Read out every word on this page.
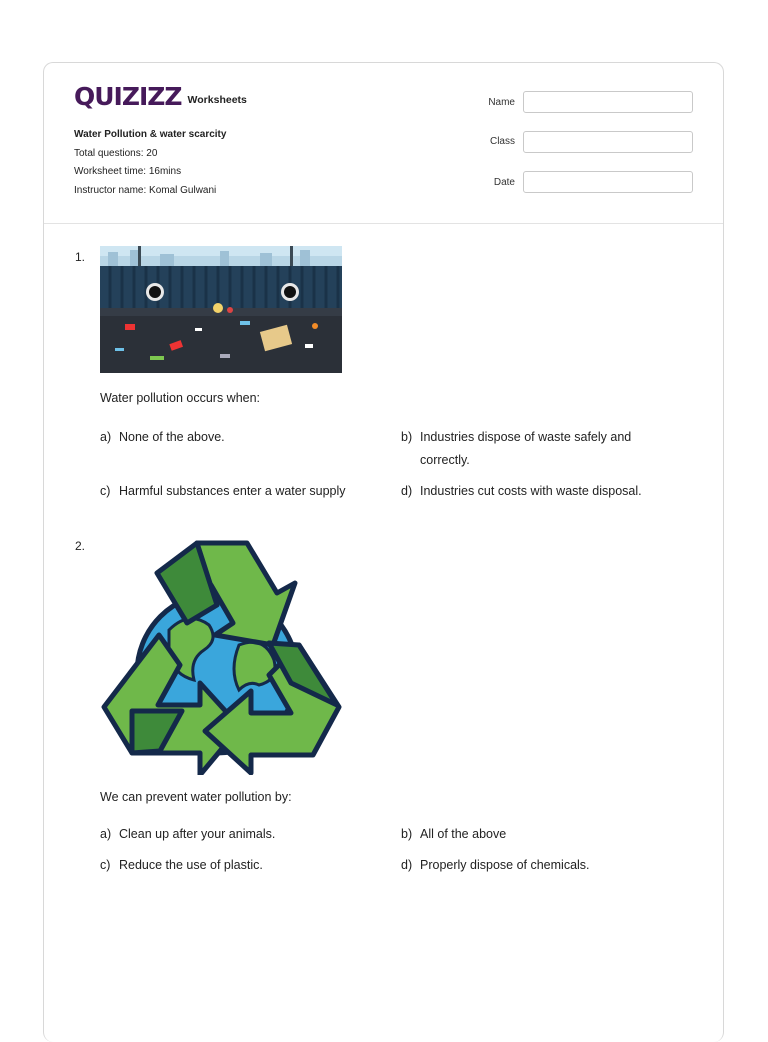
QUIZIZZ Worksheets
Water Pollution & water scarcity
Total questions: 20
Worksheet time: 16mins
Instructor name: Komal Gulwani
Name
Class
Date
1.
Water pollution occurs when:
a) None of the above.	b) Industries dispose of waste safely and correctly.
c) Harmful substances enter a water supply	d) Industries cut costs with waste disposal.
2.
We can prevent water pollution by:
a) Clean up after your animals.	b) All of the above
c) Reduce the use of plastic.	d) Properly dispose of chemicals.
